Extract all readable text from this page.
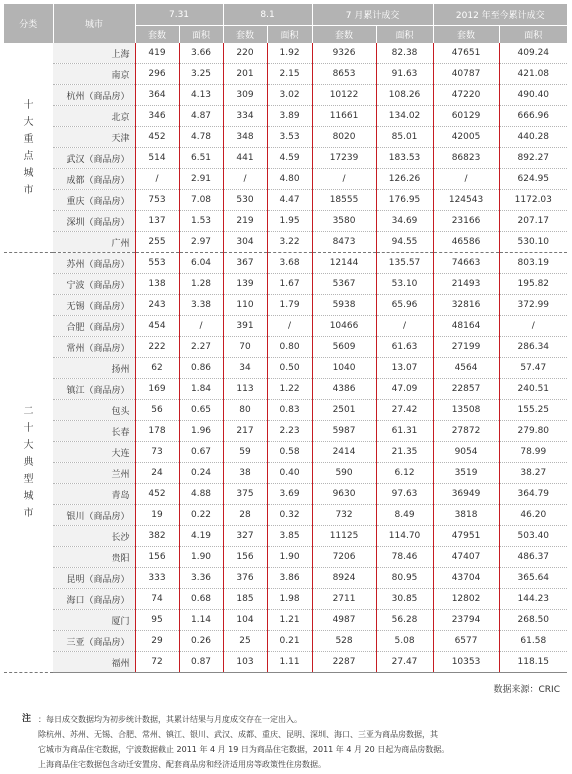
分类	城市	7.31		8.1		7 月累计成交		2012 年至今累计成交	
		套数	面积	套数	面积	套数	面积	套数	面积

十大重点城市	上海	419	3.66	220	1.92	9326	82.38	47651	409.24
	南京	296	3.25	201	2.15	8653	91.63	40787	421.08
	杭州（商品房）	364	4.13	309	3.02	10122	108.26	47220	490.40
	北京	346	4.87	334	3.89	11661	134.02	60129	666.96
	天津	452	4.78	348	3.53	8020	85.01	42005	440.28
	武汉（商品房）	514	6.51	441	4.59	17239	183.53	86823	892.27
	成都（商品房）	/	2.91	/	4.80	/	126.26	/	624.95
	重庆（商品房）	753	7.08	530	4.47	18555	176.95	124543	1172.03
	深圳（商品房）	137	1.53	219	1.95	3580	34.69	23166	207.17
	广州	255	2.97	304	3.22	8473	94.55	46586	530.10

二十大典型城市	苏州（商品房）	553	6.04	367	3.68	12144	135.57	74663	803.19
	宁波（商品房）	138	1.28	139	1.67	5367	53.10	21493	195.82
	无锡（商品房）	243	3.38	110	1.79	5938	65.96	32816	372.99
	合肥（商品房）	454	/	391	/	10466	/	48164	/
	常州（商品房）	222	2.27	70	0.80	5609	61.63	27199	286.34
	扬州	62	0.86	34	0.50	1040	13.07	4564	57.47
	镇江（商品房）	169	1.84	113	1.22	4386	47.09	22857	240.51
	包头	56	0.65	80	0.83	2501	27.42	13508	155.25
	长春	178	1.96	217	2.23	5987	61.31	27872	279.80
	大连	73	0.67	59	0.58	2414	21.35	9054	78.99
	兰州	24	0.24	38	0.40	590	6.12	3519	38.27
	青岛	452	4.88	375	3.69	9630	97.63	36949	364.79
	银川（商品房）	19	0.22	28	0.32	732	8.49	3818	46.20
	长沙	382	4.19	327	3.85	11125	114.70	47951	503.40
	贵阳	156	1.90	156	1.90	7206	78.46	47407	486.37
	昆明（商品房）	333	3.36	376	3.86	8924	80.95	43704	365.64
	海口（商品房）	74	0.68	185	1.98	2711	30.85	12802	144.23
	厦门	95	1.14	104	1.21	4987	56.28	23794	268.50
	三亚（商品房）	29	0.26	25	0.21	528	5.08	6577	61.58
	福州	72	0.87	103	1.11	2287	27.47	10353	118.15
数据来源：CRIC
注 ：每日成交数据均为初步统计数据，其累计结果与月度成交存在一定出入。
除杭州、苏州、无锡、合肥、常州、镇江、银川、武汉、成都、重庆、昆明、深圳、海口、三亚为商品房数据，其
它城市为商品住宅数据，宁波数据截止 2011 年 4 月 19 日为商品住宅数据，2011 年 4 月 20 日起为商品房数据。
上海商品住宅数据包含动迁安置房、配套商品房和经济适用房等政策性住房数据。
